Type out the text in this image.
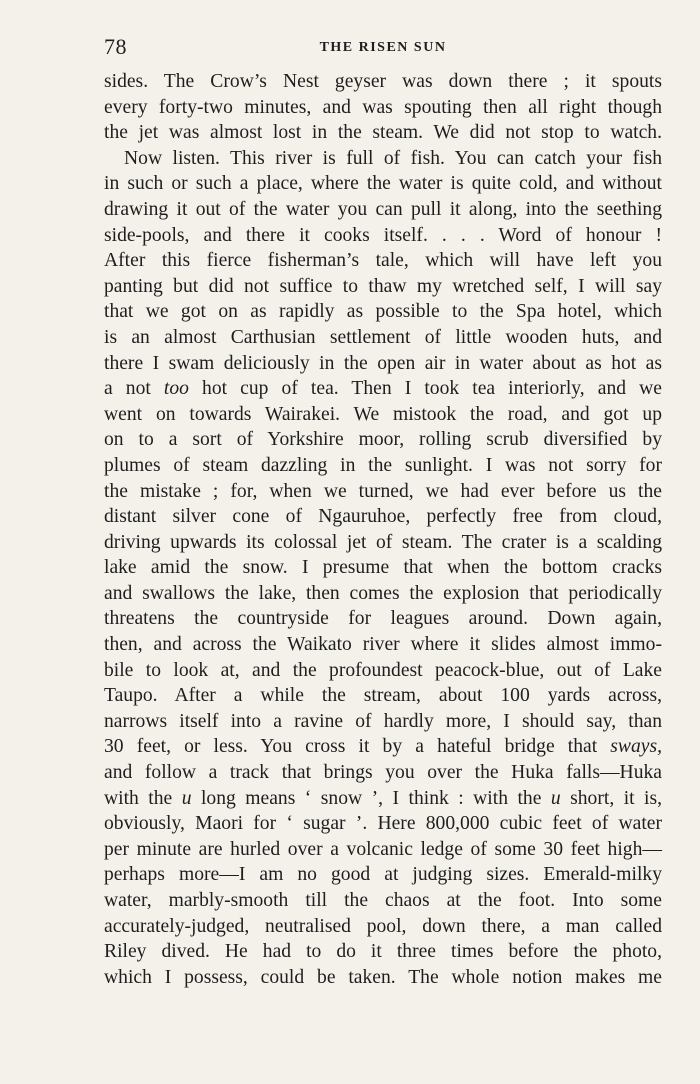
78	THE RISEN SUN
sides. The Crow’s Nest geyser was down there ; it spouts
every forty-two minutes, and was spouting then all right though
the jet was almost lost in the steam. We did not stop to watch.
Now listen. This river is full of fish. You can catch your fish
in such or such a place, where the water is quite cold, and without
drawing it out of the water you can pull it along, into the seething
side-pools, and there it cooks itself. . . . Word of honour !
After this fierce fisherman’s tale, which will have left you
panting but did not suffice to thaw my wretched self, I will say
that we got on as rapidly as possible to the Spa hotel, which
is an almost Carthusian settlement of little wooden huts, and
there I swam deliciously in the open air in water about as hot as
a not too hot cup of tea. Then I took tea interiorly, and we
went on towards Wairakei. We mistook the road, and got up
on to a sort of Yorkshire moor, rolling scrub diversified by
plumes of steam dazzling in the sunlight. I was not sorry for
the mistake ; for, when we turned, we had ever before us the
distant silver cone of Ngauruhoe, perfectly free from cloud,
driving upwards its colossal jet of steam. The crater is a scalding
lake amid the snow. I presume that when the bottom cracks
and swallows the lake, then comes the explosion that periodically
threatens the countryside for leagues around. Down again,
then, and across the Waikato river where it slides almost immo-
bile to look at, and the profoundest peacock-blue, out of Lake
Taupo. After a while the stream, about 100 yards across,
narrows itself into a ravine of hardly more, I should say, than
30 feet, or less. You cross it by a hateful bridge that sways,
and follow a track that brings you over the Huka falls—Huka
with the u long means ‘ snow ’, I think : with the u short, it is,
obviously, Maori for ‘ sugar ’. Here 800,000 cubic feet of water
per minute are hurled over a volcanic ledge of some 30 feet high—
perhaps more—I am no good at judging sizes. Emerald-milky
water, marbly-smooth till the chaos at the foot. Into some
accurately-judged, neutralised pool, down there, a man called
Riley dived. He had to do it three times before the photo,
which I possess, could be taken. The whole notion makes me
